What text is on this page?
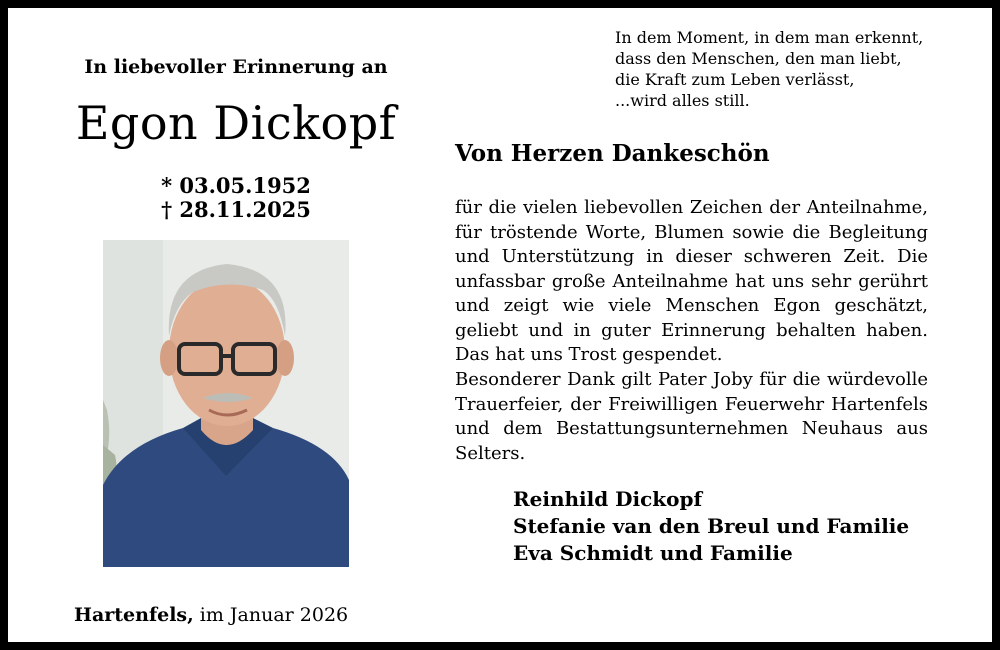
In liebevoller Erinnerung an
Egon Dickopf
* 03.05.1952
† 28.11.2025
Hartenfels, im Januar 2026
In dem Moment, in dem man erkennt,
dass den Menschen, den man liebt,
die Kraft zum Leben verlässt,
...wird alles still.
Von Herzen Dankeschön
für die vielen liebevollen Zeichen der Anteilnahme, für tröstende Worte, Blumen sowie die Begleitung und Unterstützung in dieser schweren Zeit. Die unfassbar große Anteilnahme hat uns sehr gerührt und zeigt wie viele Menschen Egon geschätzt, geliebt und in guter Erinnerung behalten haben. Das hat uns Trost gespendet.
Besonderer Dank gilt Pater Joby für die würdevolle Trauerfeier, der Freiwilligen Feuerwehr Hartenfels und dem Bestattungsunternehmen Neuhaus aus Selters.
Reinhild Dickopf
Stefanie van den Breul und Familie
Eva Schmidt und Familie
